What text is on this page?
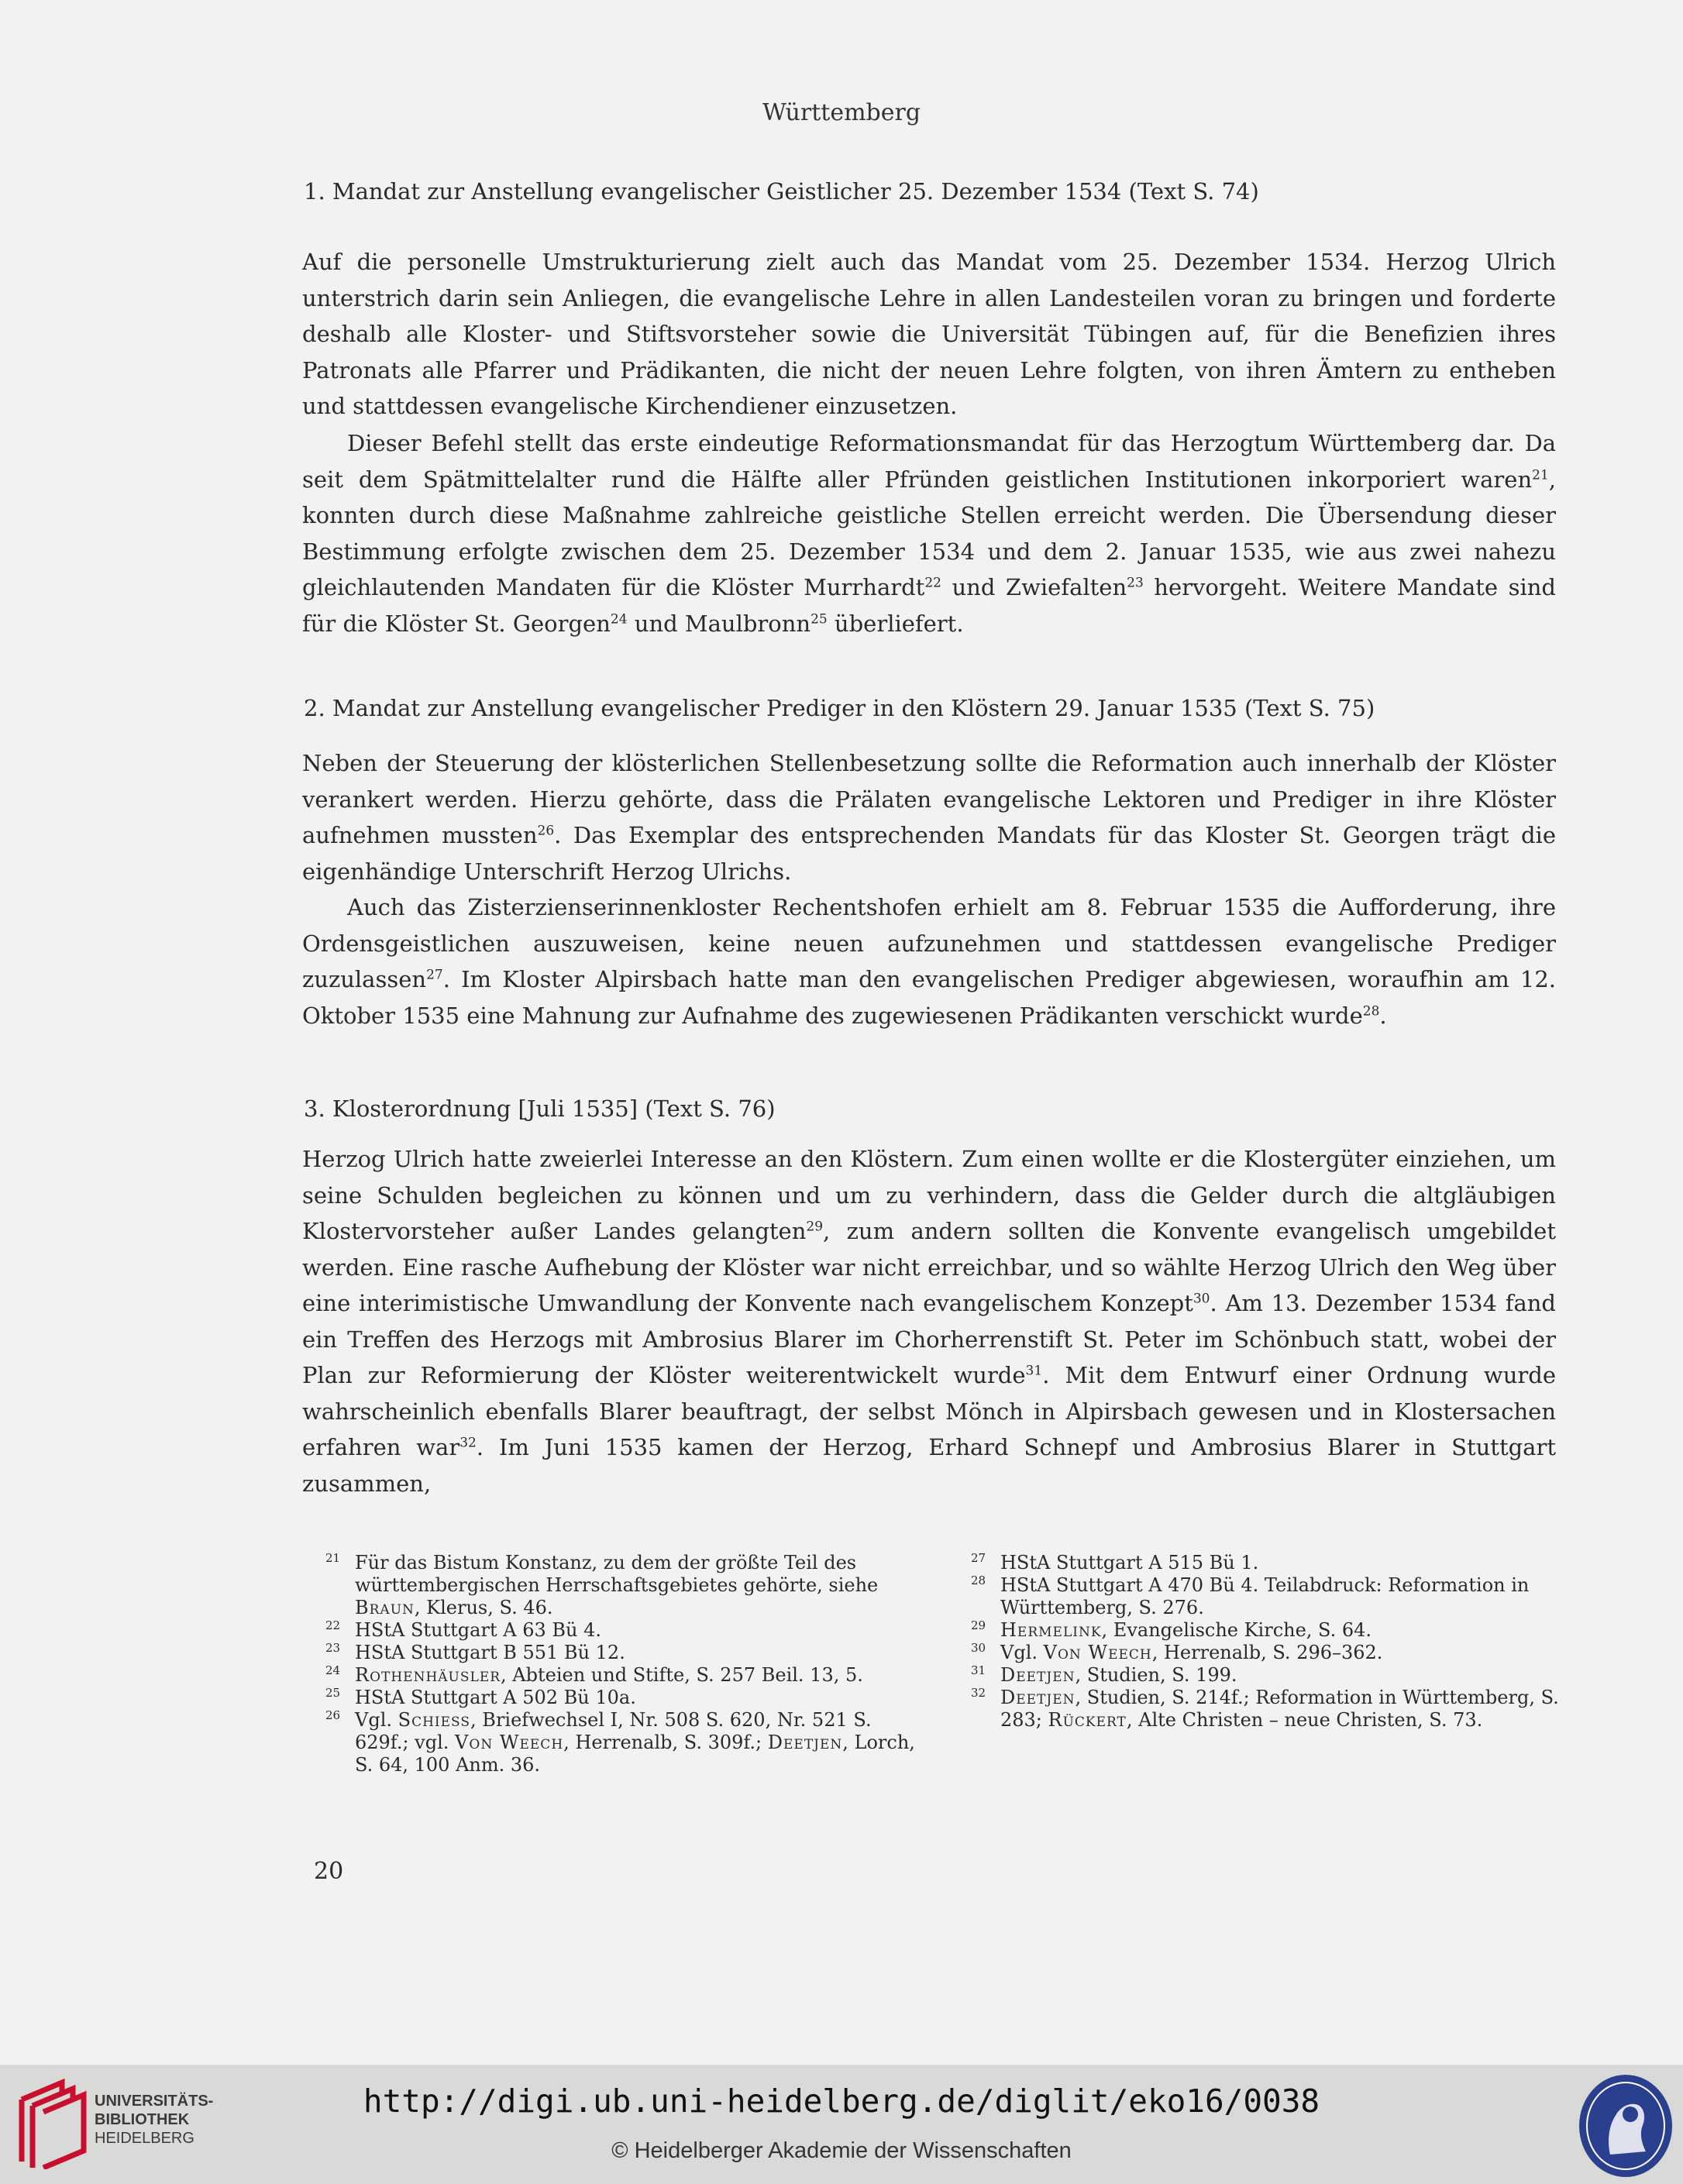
Württemberg
1. Mandat zur Anstellung evangelischer Geistlicher 25. Dezember 1534 (Text S. 74)
Auf die personelle Umstrukturierung zielt auch das Mandat vom 25. Dezember 1534. Herzog Ulrich unterstrich darin sein Anliegen, die evangelische Lehre in allen Landesteilen voran zu bringen und forderte deshalb alle Kloster- und Stiftsvorsteher sowie die Universität Tübingen auf, für die Benefizien ihres Patronats alle Pfarrer und Prädikanten, die nicht der neuen Lehre folgten, von ihren Ämtern zu entheben und stattdessen evangelische Kirchendiener einzusetzen.
Dieser Befehl stellt das erste eindeutige Reformationsmandat für das Herzogtum Württemberg dar. Da seit dem Spätmittelalter rund die Hälfte aller Pfründen geistlichen Institutionen inkorporiert waren$^{21}$, konnten durch diese Maßnahme zahlreiche geistliche Stellen erreicht werden. Die Übersendung dieser Bestimmung erfolgte zwischen dem 25. Dezember 1534 und dem 2. Januar 1535, wie aus zwei nahezu gleichlautenden Mandaten für die Klöster Murrhardt$^{22}$ und Zwiefalten$^{23}$ hervorgeht. Weitere Mandate sind für die Klöster St. Georgen$^{24}$ und Maulbronn$^{25}$ überliefert.
2. Mandat zur Anstellung evangelischer Prediger in den Klöstern 29. Januar 1535 (Text S. 75)
Neben der Steuerung der klösterlichen Stellenbesetzung sollte die Reformation auch innerhalb der Klöster verankert werden. Hierzu gehörte, dass die Prälaten evangelische Lektoren und Prediger in ihre Klöster aufnehmen mussten$^{26}$. Das Exemplar des entsprechenden Mandats für das Kloster St. Georgen trägt die eigenhändige Unterschrift Herzog Ulrichs.
Auch das Zisterzienserinnenkloster Rechentshofen erhielt am 8. Februar 1535 die Aufforderung, ihre Ordensgeistlichen auszuweisen, keine neuen aufzunehmen und stattdessen evangelische Prediger zuzulassen$^{27}$. Im Kloster Alpirsbach hatte man den evangelischen Prediger abgewiesen, woraufhin am 12. Oktober 1535 eine Mahnung zur Aufnahme des zugewiesenen Prädikanten verschickt wurde$^{28}$.
3. Klosterordnung [Juli 1535] (Text S. 76)
Herzog Ulrich hatte zweierlei Interesse an den Klöstern. Zum einen wollte er die Klostergüter einziehen, um seine Schulden begleichen zu können und um zu verhindern, dass die Gelder durch die altgläubigen Klostervorsteher außer Landes gelangten$^{29}$, zum andern sollten die Konvente evangelisch umgebildet werden. Eine rasche Aufhebung der Klöster war nicht erreichbar, und so wählte Herzog Ulrich den Weg über eine interimistische Umwandlung der Konvente nach evangelischem Konzept$^{30}$. Am 13. Dezember 1534 fand ein Treffen des Herzogs mit Ambrosius Blarer im Chorherrenstift St. Peter im Schönbuch statt, wobei der Plan zur Reformierung der Klöster weiterentwickelt wurde$^{31}$. Mit dem Entwurf einer Ordnung wurde wahrscheinlich ebenfalls Blarer beauftragt, der selbst Mönch in Alpirsbach gewesen und in Klostersachen erfahren war$^{32}$. Im Juni 1535 kamen der Herzog, Erhard Schnepf und Ambrosius Blarer in Stuttgart zusammen,

21 Für das Bistum Konstanz, zu dem der größte Teil des württembergischen Herrschaftsgebietes gehörte, siehe Braun, Klerus, S. 46.

22 HStA Stuttgart A 63 Bü 4.

23 HStA Stuttgart B 551 Bü 12.

24 Rothenhäusler, Abteien und Stifte, S. 257 Beil. 13, 5.

25 HStA Stuttgart A 502 Bü 10a.

26 Vgl. Schiess, Briefwechsel I, Nr. 508 S. 620, Nr. 521 S. 629f.; vgl. Von Weech, Herrenalb, S. 309f.; Deetjen, Lorch, S. 64, 100 Anm. 36.

27 HStA Stuttgart A 515 Bü 1.

28 HStA Stuttgart A 470 Bü 4. Teilabdruck: Reformation in Württemberg, S. 276.

29 Hermelink, Evangelische Kirche, S. 64.

30 Vgl. Von Weech, Herrenalb, S. 296–362.

31 Deetjen, Studien, S. 199.

32 Deetjen, Studien, S. 214f.; Reformation in Württemberg, S. 283; Rückert, Alte Christen – neue Christen, S. 73.

20
UNIVERSITÄTS-
BIBLIOTHEK
HEIDELBERG
http://digi.ub.uni-heidelberg.de/diglit/eko16/0038
© Heidelberger Akademie der Wissenschaften
